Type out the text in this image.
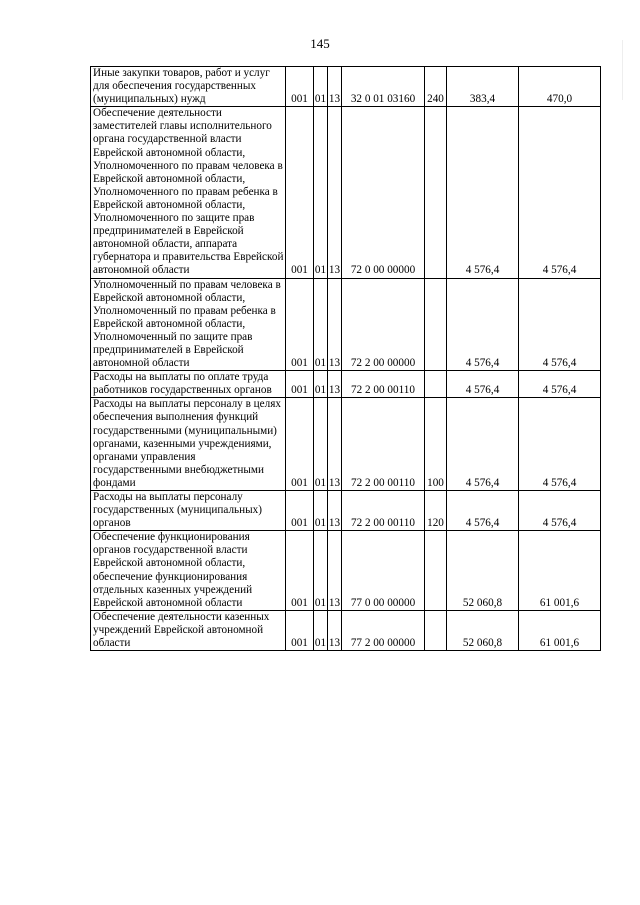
145
Иные закупки товаров, работ и услуг для обеспечения государственных (муниципальных) нужд	001	01	13	32 0 01 03160	240	383,4	470,0
Обеспечение деятельности заместителей главы исполнительного органа государственной власти Еврейской автономной области, Уполномоченного по правам человека в Еврейской автономной области, Уполномоченного по правам ребенка в Еврейской автономной области, Уполномоченного по защите прав предпринимателей в Еврейской автономной области, аппарата губернатора и правительства Еврейской автономной области	001	01	13	72 0 00 00000		4 576,4	4 576,4
Уполномоченный по правам человека в Еврейской автономной области, Уполномоченный по правам ребенка в Еврейской автономной области, Уполномоченный по защите прав предпринимателей в Еврейской автономной области	001	01	13	72 2 00 00000		4 576,4	4 576,4
Расходы на выплаты по оплате труда работников государственных органов	001	01	13	72 2 00 00110		4 576,4	4 576,4
Расходы на выплаты персоналу в целях обеспечения выполнения функций государственными (муниципальными) органами, казенными учреждениями, органами управления государственными внебюджетными фондами	001	01	13	72 2 00 00110	100	4 576,4	4 576,4
Расходы на выплаты персоналу государственных (муниципальных) органов	001	01	13	72 2 00 00110	120	4 576,4	4 576,4
Обеспечение функционирования органов государственной власти Еврейской автономной области, обеспечение функционирования отдельных казенных учреждений Еврейской автономной области	001	01	13	77 0 00 00000		52 060,8	61 001,6
Обеспечение деятельности казенных учреждений Еврейской автономной области	001	01	13	77 2 00 00000		52 060,8	61 001,6
